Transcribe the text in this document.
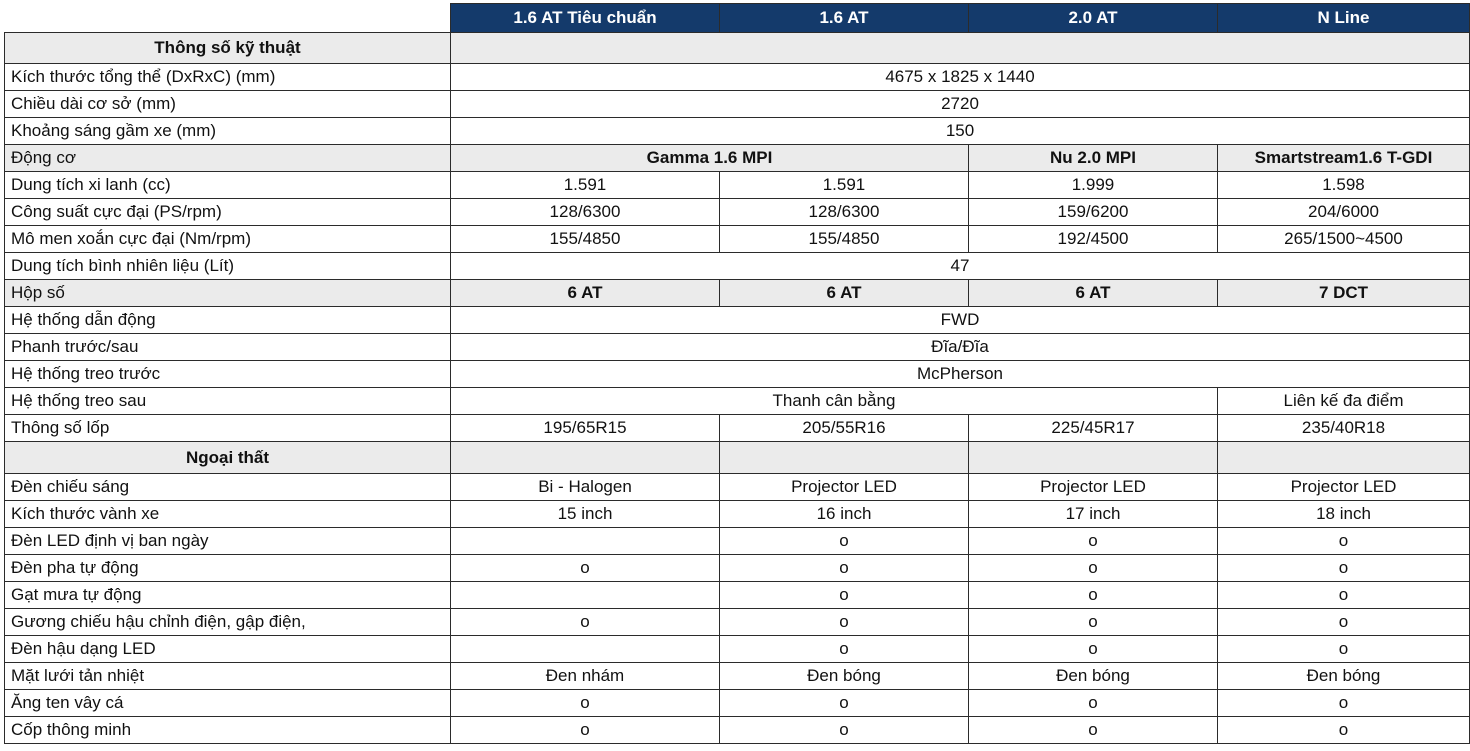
	1.6 AT Tiêu chuẩn	1.6 AT	2.0 AT	N Line
Thông số kỹ thuật				
Kích thước tổng thể (DxRxC) (mm)	4675 x 1825 x 1440			
Chiều dài cơ sở (mm)	2720			
Khoảng sáng gầm xe (mm)	150			
Động cơ	Gamma 1.6 MPI		Nu 2.0 MPI	Smartstream1.6 T-GDI
Dung tích xi lanh (cc)	1.591	1.591	1.999	1.598
Công suất cực đại (PS/rpm)	128/6300	128/6300	159/6200	204/6000
Mô men xoắn cực đại (Nm/rpm)	155/4850	155/4850	192/4500	265/1500~4500
Dung tích bình nhiên liệu (Lít)	47			
Hộp số	6 AT	6 AT	6 AT	7 DCT
Hệ thống dẫn động	FWD			
Phanh trước/sau	Đĩa/Đĩa			
Hệ thống treo trước	McPherson			
Hệ thống treo sau	Thanh cân bằng			Liên kế đa điểm
Thông số lốp	195/65R15	205/55R16	225/45R17	235/40R18
Ngoại thất				
Đèn chiếu sáng	Bi - Halogen	Projector LED	Projector LED	Projector LED
Kích thước vành xe	15 inch	16 inch	17 inch	18 inch
Đèn LED định vị ban ngày		o	o	o
Đèn pha tự động	o	o	o	o
Gạt mưa tự động		o	o	o
Gương chiếu hậu chỉnh điện, gập điện,	o	o	o	o
Đèn hậu dạng LED		o	o	o
Mặt lưới tản nhiệt	Đen nhám	Đen bóng	Đen bóng	Đen bóng
Ăng ten vây cá	o	o	o	o
Cốp thông minh	o	o	o	o
